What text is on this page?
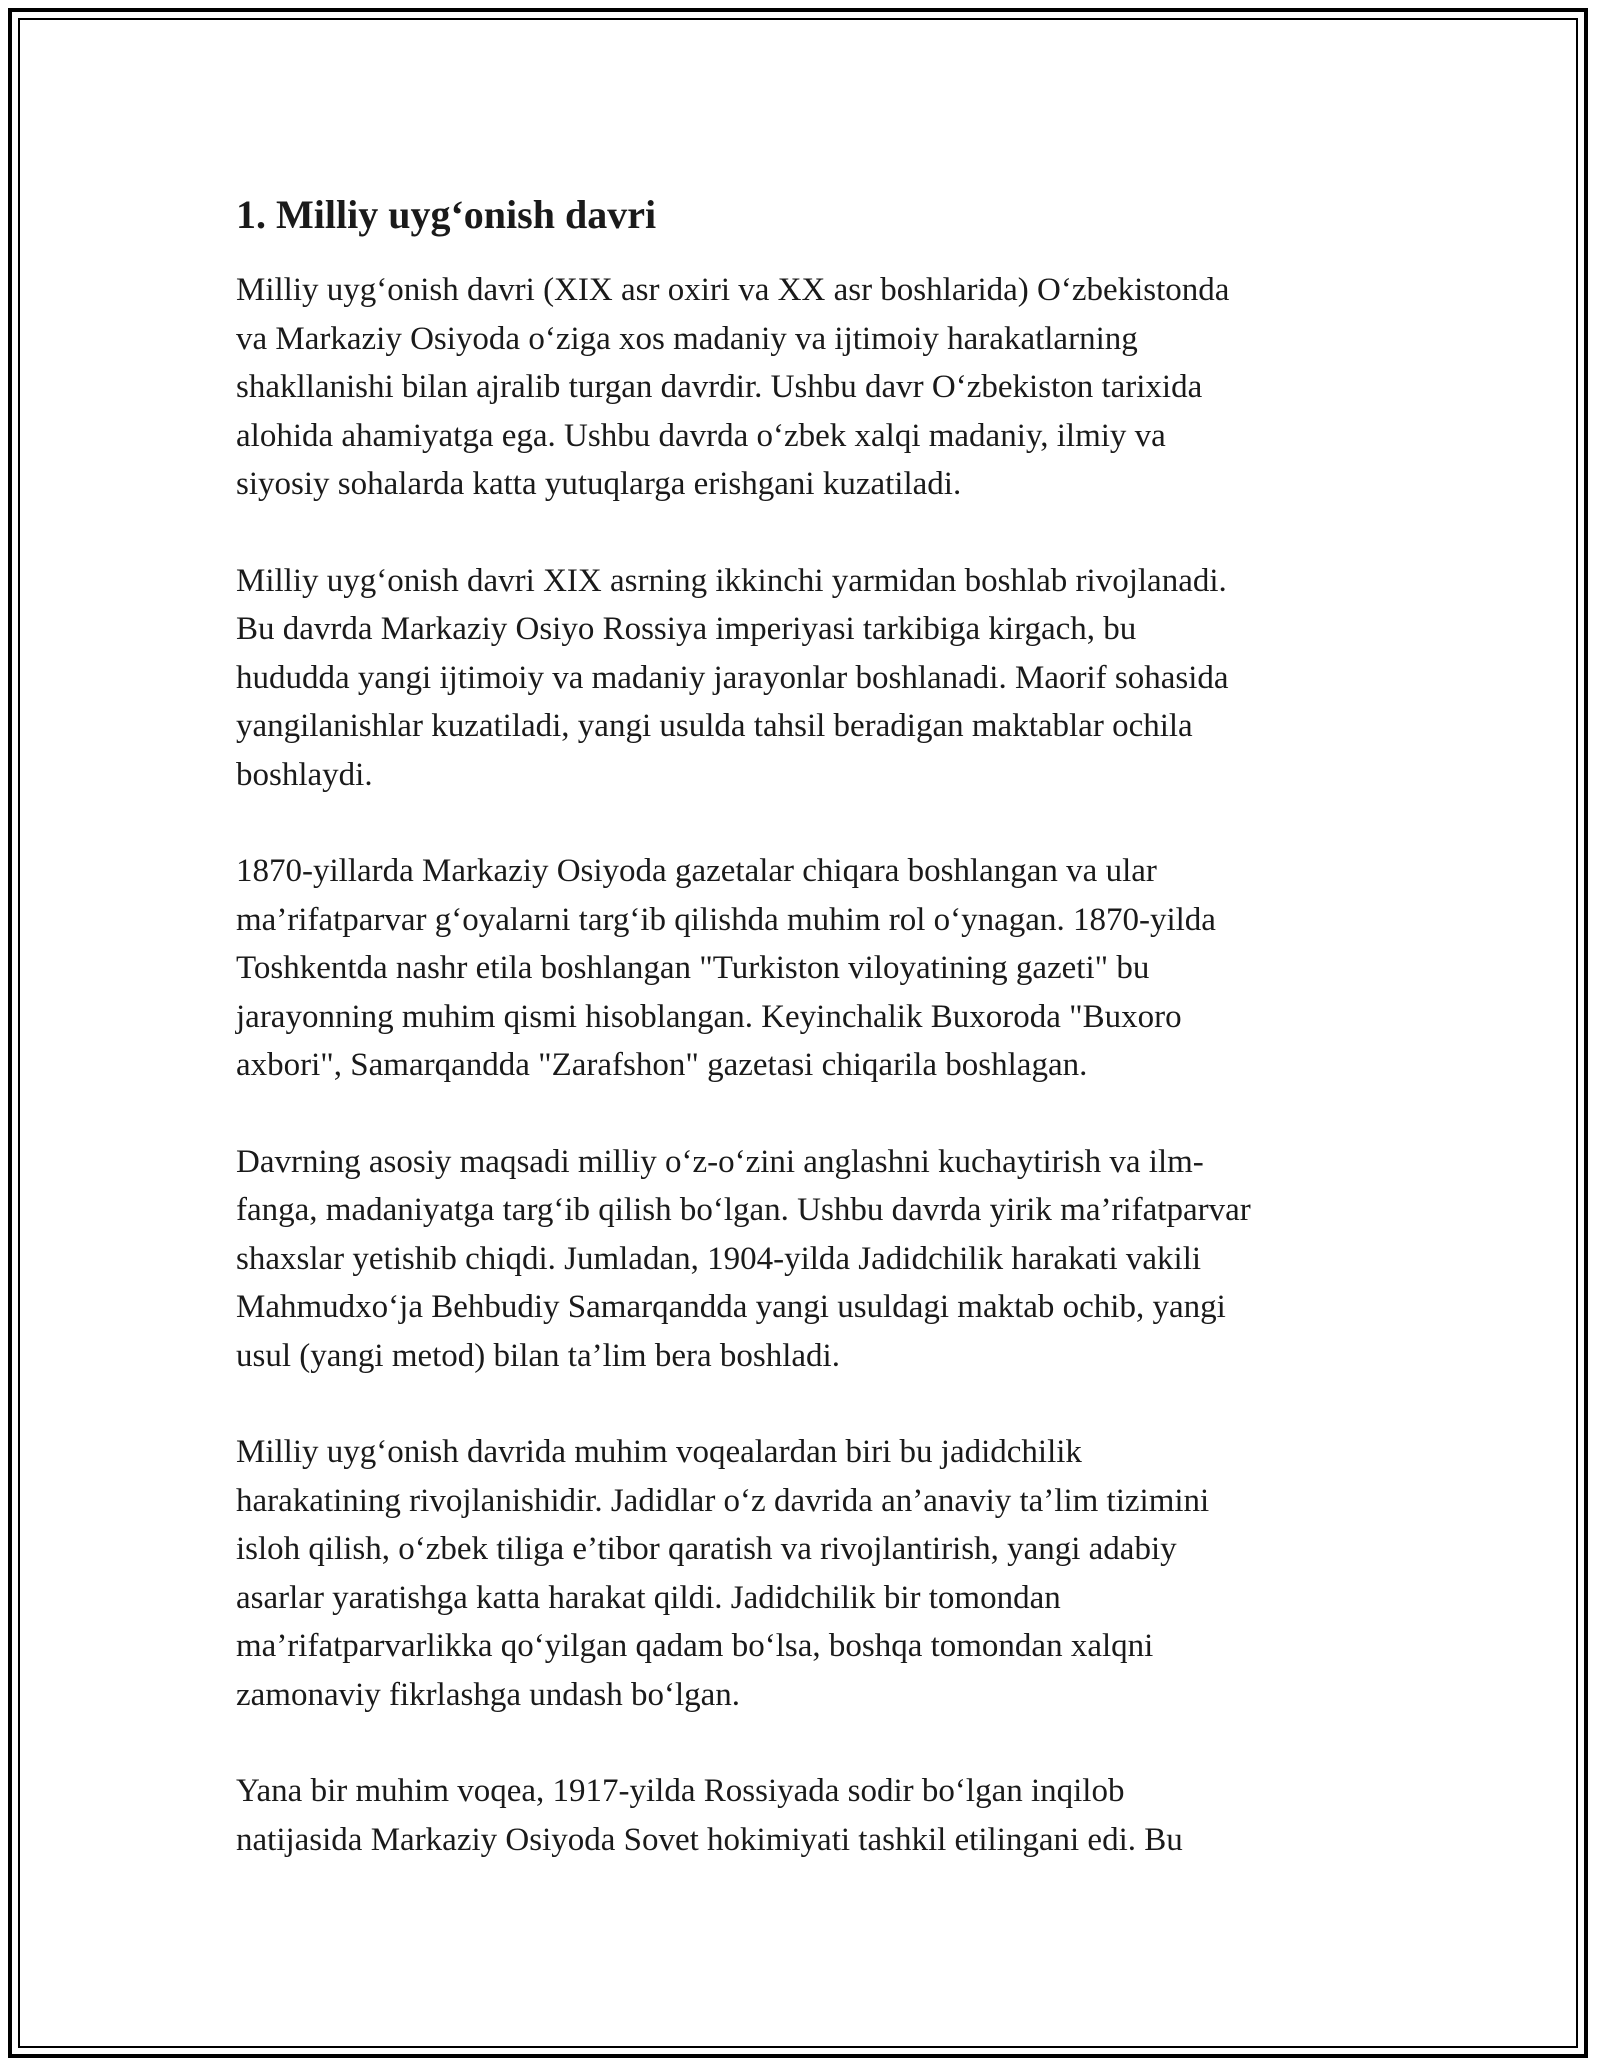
1. Milliy uyg‘onish davri

Milliy uyg‘onish davri (XIX asr oxiri va XX asr boshlarida) O‘zbekistonda
va Markaziy Osiyoda o‘ziga xos madaniy va ijtimoiy harakatlarning
shakllanishi bilan ajralib turgan davrdir. Ushbu davr O‘zbekiston tarixida
alohida ahamiyatga ega. Ushbu davrda o‘zbek xalqi madaniy, ilmiy va
siyosiy sohalarda katta yutuqlarga erishgani kuzatiladi.

Milliy uyg‘onish davri XIX asrning ikkinchi yarmidan boshlab rivojlanadi.
Bu davrda Markaziy Osiyo Rossiya imperiyasi tarkibiga kirgach, bu
hududda yangi ijtimoiy va madaniy jarayonlar boshlanadi. Maorif sohasida
yangilanishlar kuzatiladi, yangi usulda tahsil beradigan maktablar ochila
boshlaydi.

1870-yillarda Markaziy Osiyoda gazetalar chiqara boshlangan va ular
ma’rifatparvar g‘oyalarni targ‘ib qilishda muhim rol o‘ynagan. 1870-yilda
Toshkentda nashr etila boshlangan "Turkiston viloyatining gazeti" bu
jarayonning muhim qismi hisoblangan. Keyinchalik Buxoroda "Buxoro
axbori", Samarqandda "Zarafshon" gazetasi chiqarila boshlagan.

Davrning asosiy maqsadi milliy o‘z-o‘zini anglashni kuchaytirish va ilm-
fanga, madaniyatga targ‘ib qilish bo‘lgan. Ushbu davrda yirik ma’rifatparvar
shaxslar yetishib chiqdi. Jumladan, 1904-yilda Jadidchilik harakati vakili
Mahmudxo‘ja Behbudiy Samarqandda yangi usuldagi maktab ochib, yangi
usul (yangi metod) bilan ta’lim bera boshladi.

Milliy uyg‘onish davrida muhim voqealardan biri bu jadidchilik
harakatining rivojlanishidir. Jadidlar o‘z davrida an’anaviy ta’lim tizimini
isloh qilish, o‘zbek tiliga e’tibor qaratish va rivojlantirish, yangi adabiy
asarlar yaratishga katta harakat qildi. Jadidchilik bir tomondan
ma’rifatparvarlikka qo‘yilgan qadam bo‘lsa, boshqa tomondan xalqni
zamonaviy fikrlashga undash bo‘lgan.

Yana bir muhim voqea, 1917-yilda Rossiyada sodir bo‘lgan inqilob
natijasida Markaziy Osiyoda Sovet hokimiyati tashkil etilingani edi. Bu
